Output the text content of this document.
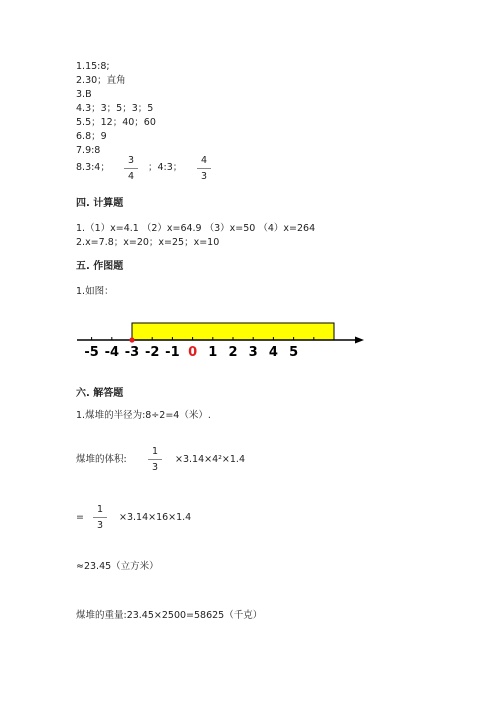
1.15:8;
2.30；直角
3.B
4.3；3；5；3；5
5.5；12；40；60
6.8；9
7.9:8
8.3:4；
3
4
；4:3；
4
3
四. 计算题
1.（1）x=4.1 （2）x=64.9 （3）x=50 （4）x=264
2.x=7.8；x=20；x=25；x=10
五. 作图题
1.如图：
-5 -4 -3 -2 -1 0 1 2 3 4 5
六. 解答题
1.煤堆的半径为:8÷2=4（米）.
煤堆的体积:
1
3
×3.14×4²×1.4
=
1
3
×3.14×16×1.4
≈23.45（立方米）
煤堆的重量:23.45×2500=58625（千克）
